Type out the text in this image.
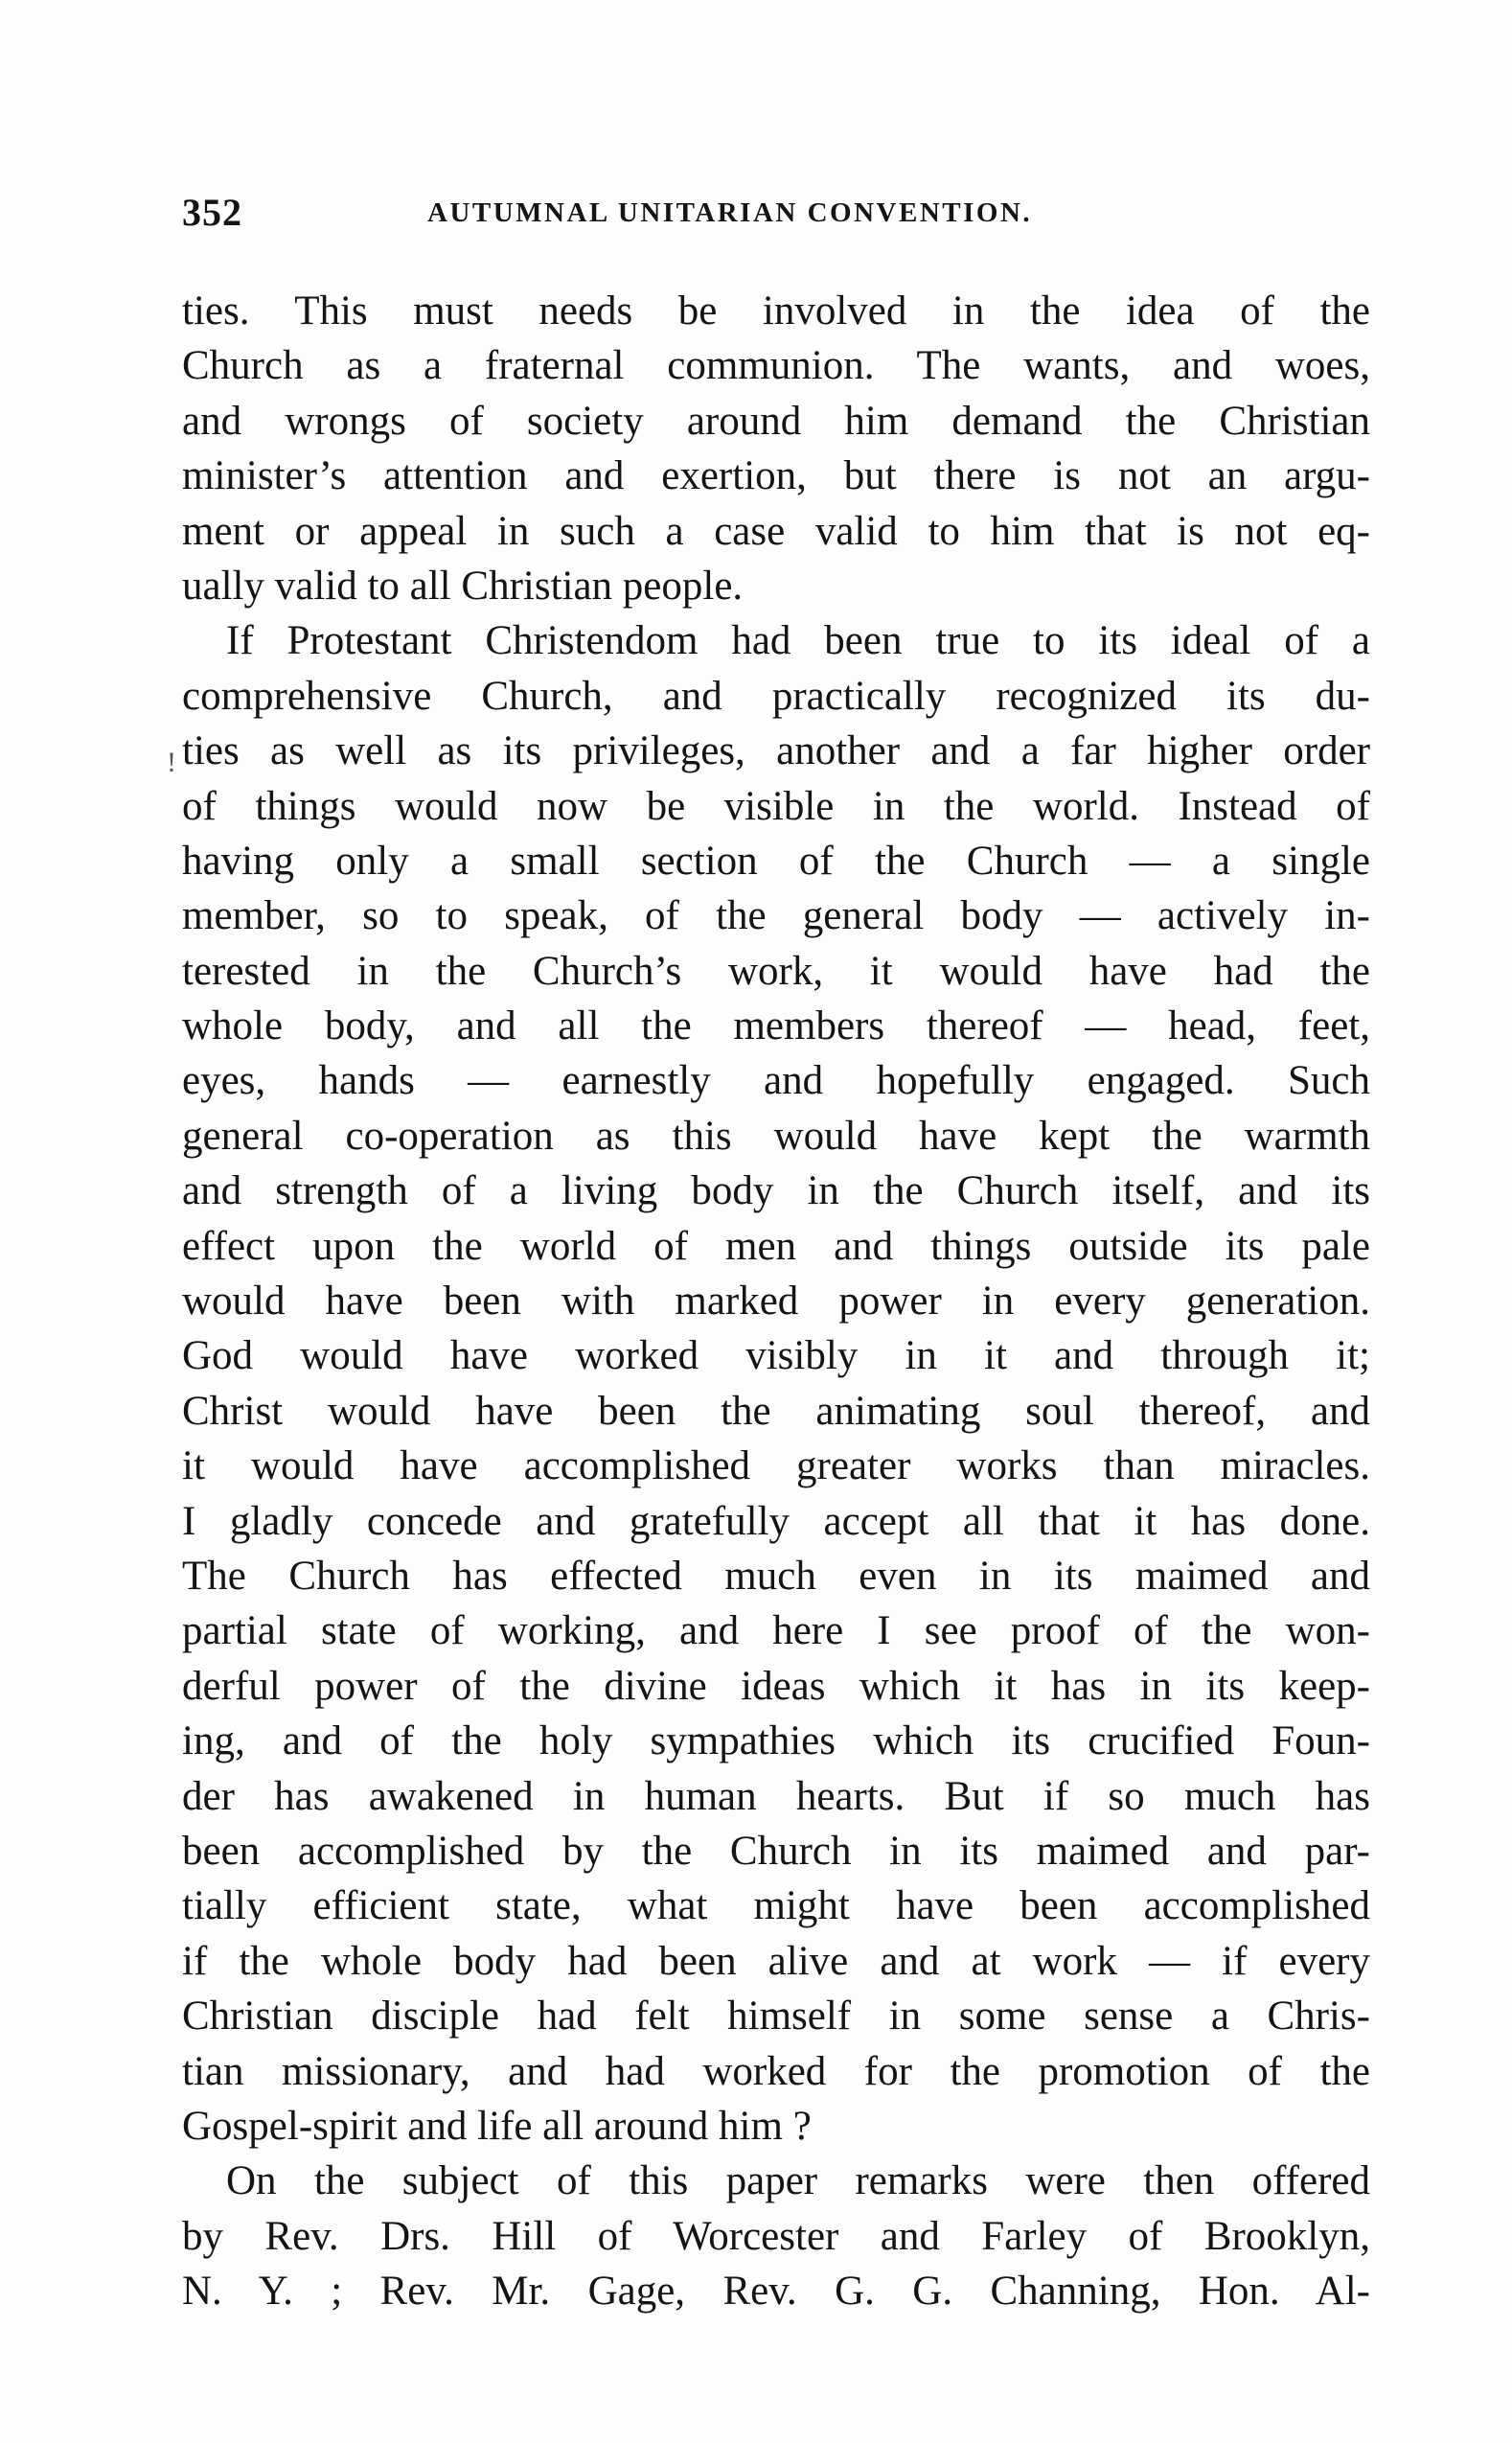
352	AUTUMNAL UNITARIAN CONVENTION.
!
ties. This must needs be involved in the idea of the
Church as a fraternal communion. The wants, and woes,
and wrongs of society around him demand the Christian
minister’s attention and exertion, but there is not an argu-
ment or appeal in such a case valid to him that is not eq-
ually valid to all Christian people.
If Protestant Christendom had been true to its ideal of a
comprehensive Church, and practically recognized its du-
ties as well as its privileges, another and a far higher order
of things would now be visible in the world. Instead of
having only a small section of the Church — a single
member, so to speak, of the general body — actively in-
terested in the Church’s work, it would have had the
whole body, and all the members thereof — head, feet,
eyes, hands — earnestly and hopefully engaged. Such
general co-operation as this would have kept the warmth
and strength of a living body in the Church itself, and its
effect upon the world of men and things outside its pale
would have been with marked power in every generation.
God would have worked visibly in it and through it;
Christ would have been the animating soul thereof, and
it would have accomplished greater works than miracles.
I gladly concede and gratefully accept all that it has done.
The Church has effected much even in its maimed and
partial state of working, and here I see proof of the won-
derful power of the divine ideas which it has in its keep-
ing, and of the holy sympathies which its crucified Foun-
der has awakened in human hearts. But if so much has
been accomplished by the Church in its maimed and par-
tially efficient state, what might have been accomplished
if the whole body had been alive and at work — if every
Christian disciple had felt himself in some sense a Chris-
tian missionary, and had worked for the promotion of the
Gospel-spirit and life all around him ?
On the subject of this paper remarks were then offered
by Rev. Drs. Hill of Worcester and Farley of Brooklyn,
N. Y. ; Rev. Mr. Gage, Rev. G. G. Channing, Hon. Al-
